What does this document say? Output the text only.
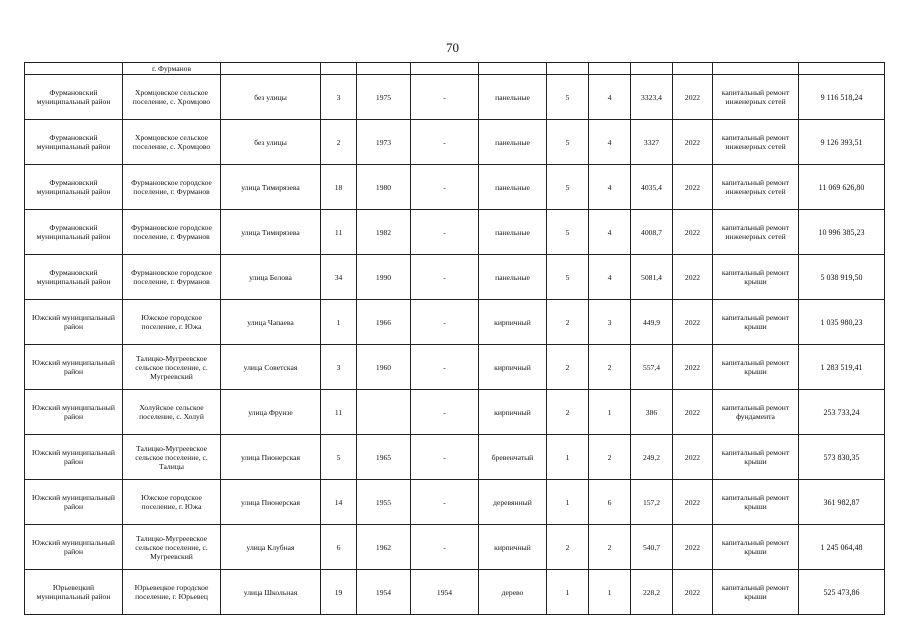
70
	г. Фурманов											
Фурмановский муниципальный район	Хромцовское сельское поселение, с. Хромцово	без улицы	3	1975	-	панельные	5	4	3323,4	2022	капитальный ремонт инженерных сетей	9 116 518,24
Фурмановский муниципальный район	Хромцовское сельское поселение, с. Хромцово	без улицы	2	1973	-	панельные	5	4	3327	2022	капитальный ремонт инженерных сетей	9 126 393,51
Фурмановский муниципальный район	Фурмановское городское поселение, г. Фурманов	улица Тимирязева	18	1980	-	панельные	5	4	4035,4	2022	капитальный ремонт инженерных сетей	11 069 626,80
Фурмановский муниципальный район	Фурмановское городское поселение, г. Фурманов	улица Тимирязева	11	1982	-	панельные	5	4	4008,7	2022	капитальный ремонт инженерных сетей	10 996 385,23
Фурмановский муниципальный район	Фурмановское городское поселение, г. Фурманов	улица Белова	34	1990	-	панельные	5	4	5081,4	2022	капитальный ремонт крыши	5 038 919,50
Южский муниципальный район	Южское городское поселение, г. Южа	улица Чапаева	1	1966	-	кирпичный	2	3	449,9	2022	капитальный ремонт крыши	1 035 980,23
Южский муниципальный район	Талицко-Мугреевское сельское поселение, с. Мугреевский	улица Советская	3	1960	-	кирпичный	2	2	557,4	2022	капитальный ремонт крыши	1 283 519,41
Южский муниципальный район	Холуйское сельское поселение, с. Холуй	улица Фрунзе	11		-	кирпичный	2	1	386	2022	капитальный ремонт фундамента	253 733,24
Южский муниципальный район	Талицко-Мугреевское сельское поселение, с. Талицы	улица Пионерская	5	1965	-	бревенчатый	1	2	249,2	2022	капитальный ремонт крыши	573 830,35
Южский муниципальный район	Южское городское поселение, г. Южа	улица Пионерская	14	1955	-	деревянный	1	6	157,2	2022	капитальный ремонт крыши	361 982,87
Южский муниципальный район	Талицко-Мугреевское сельское поселение, с. Мугреевский	улица Клубная	6	1962	-	кирпичный	2	2	540,7	2022	капитальный ремонт крыши	1 245 064,48
Юрьевецкий муниципальный район	Юрьевецкое городское поселение, г. Юрьевец	улица Школьная	19	1954	1954	дерево	1	1	228,2	2022	капитальный ремонт крыши	525 473,86
